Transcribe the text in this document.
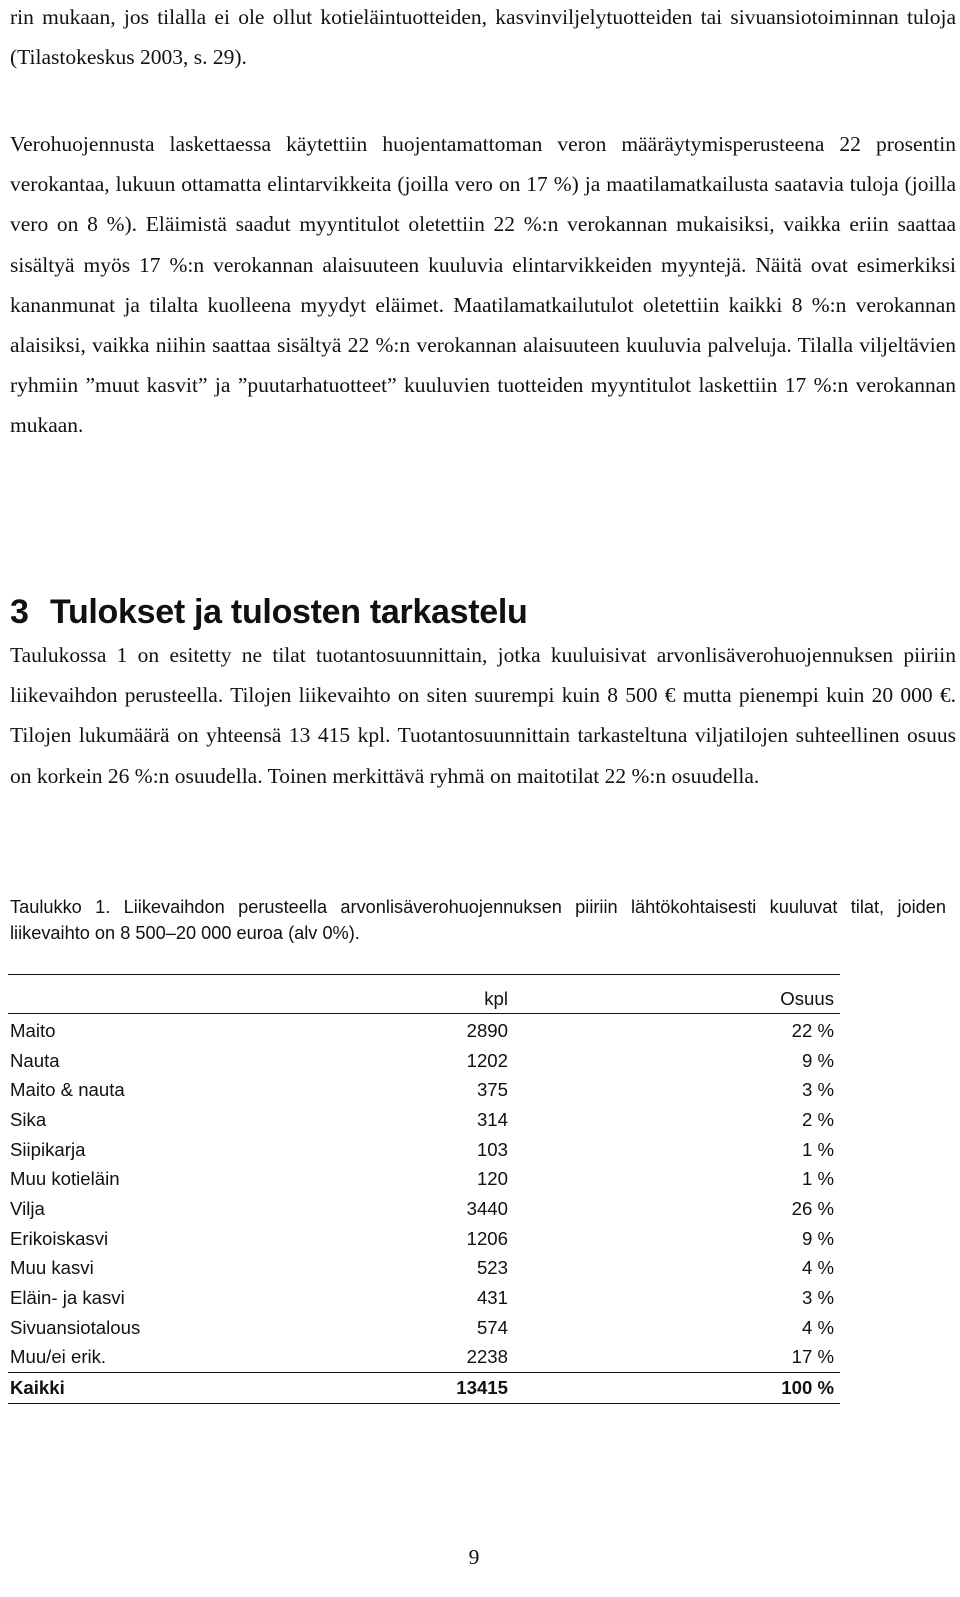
rin mukaan, jos tilalla ei ole ollut kotieläintuotteiden, kasvinviljelytuotteiden tai sivuansiotoiminnan tuloja (Tilastokeskus 2003, s. 29).

Verohuojennusta laskettaessa käytettiin huojentamattoman veron määräytymisperusteena 22 prosentin verokantaa, lukuun ottamatta elintarvikkeita (joilla vero on 17 %) ja maatilamatkailusta saatavia tuloja (joilla vero on 8 %). Eläimistä saadut myyntitulot oletettiin 22 %:n verokannan mukaisiksi, vaikka eriin saattaa sisältyä myös 17 %:n verokannan alaisuuteen kuuluvia elintarvikkeiden myyntejä. Näitä ovat esimerkiksi kananmunat ja tilalta kuolleena myydyt eläimet. Maatilamatkailutulot oletettiin kaikki 8 %:n verokannan alaisiksi, vaikka niihin saattaa sisältyä 22 %:n verokannan alaisuuteen kuuluvia palveluja. Tilalla viljeltävien ryhmiin ”muut kasvit” ja ”puutarhatuotteet” kuuluvien tuotteiden myyntitulot laskettiin 17 %:n verokannan mukaan.

3 Tulokset ja tulosten tarkastelu

Taulukossa 1 on esitetty ne tilat tuotantosuunnittain, jotka kuuluisivat arvonlisäverohuojennuksen piiriin liikevaihdon perusteella. Tilojen liikevaihto on siten suurempi kuin 8 500 € mutta pienempi kuin 20 000 €. Tilojen lukumäärä on yhteensä 13 415 kpl. Tuotantosuunnittain tarkasteltuna viljatilojen suhteellinen osuus on korkein 26 %:n osuudella. Toinen merkittävä ryhmä on maitotilat 22 %:n osuudella.

Taulukko 1. Liikevaihdon perusteella arvonlisäverohuojennuksen piiriin lähtökohtaisesti kuuluvat tilat, joiden liikevaihto on 8 500–20 000 euroa (alv 0%).

	kpl	Osuus
Maito	2890	22 %
Nauta	1202	9 %
Maito & nauta	375	3 %
Sika	314	2 %
Siipikarja	103	1 %
Muu kotieläin	120	1 %
Vilja	3440	26 %
Erikoiskasvi	1206	9 %
Muu kasvi	523	4 %
Eläin- ja kasvi	431	3 %
Sivuansiotalous	574	4 %
Muu/ei erik.	2238	17 %
Kaikki	13415	100 %
9
